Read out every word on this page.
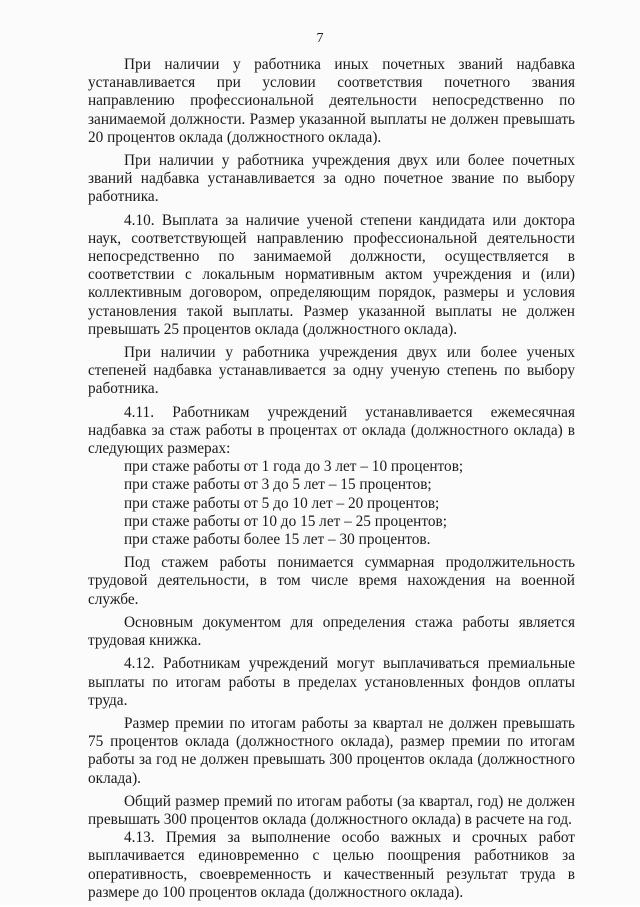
7

При наличии у работника иных почетных званий надбавка устанавливается при условии соответствия почетного звания направлению профессиональной деятельности непосредственно по занимаемой должности. Размер указанной выплаты не должен превышать 20 процентов оклада (должностного оклада).

При наличии у работника учреждения двух или более почетных званий надбавка устанавливается за одно почетное звание по выбору работника.

4.10. Выплата за наличие ученой степени кандидата или доктора наук, соответствующей направлению профессиональной деятельности непосредственно по занимаемой должности, осуществляется в соответствии с локальным нормативным актом учреждения и (или) коллективным договором, определяющим порядок, размеры и условия установления такой выплаты. Размер указанной выплаты не должен превышать 25 процентов оклада (должностного оклада).

При наличии у работника учреждения двух или более ученых степеней надбавка устанавливается за одну ученую степень по выбору работника.

4.11. Работникам учреждений устанавливается ежемесячная надбавка за стаж работы в процентах от оклада (должностного оклада) в следующих размерах:

при стаже работы от 1 года до 3 лет – 10 процентов;

при стаже работы от 3 до 5 лет – 15 процентов;

при стаже работы от 5 до 10 лет – 20 процентов;

при стаже работы от 10 до 15 лет – 25 процентов;

при стаже работы более 15 лет – 30 процентов.

Под стажем работы понимается суммарная продолжительность трудовой деятельности, в том числе время нахождения на военной службе.

Основным документом для определения стажа работы является трудовая книжка.

4.12. Работникам учреждений могут выплачиваться премиальные выплаты по итогам работы в пределах установленных фондов оплаты труда.

Размер премии по итогам работы за квартал не должен превышать 75 процентов оклада (должностного оклада), размер премии по итогам работы за год не должен превышать 300 процентов оклада (должностного оклада).

Общий размер премий по итогам работы (за квартал, год) не должен превышать 300 процентов оклада (должностного оклада) в расчете на год.

4.13. Премия за выполнение особо важных и срочных работ выплачивается единовременно с целью поощрения работников за оперативность, своевременность и качественный результат труда в размере до 100 процентов оклада (должностного оклада).
